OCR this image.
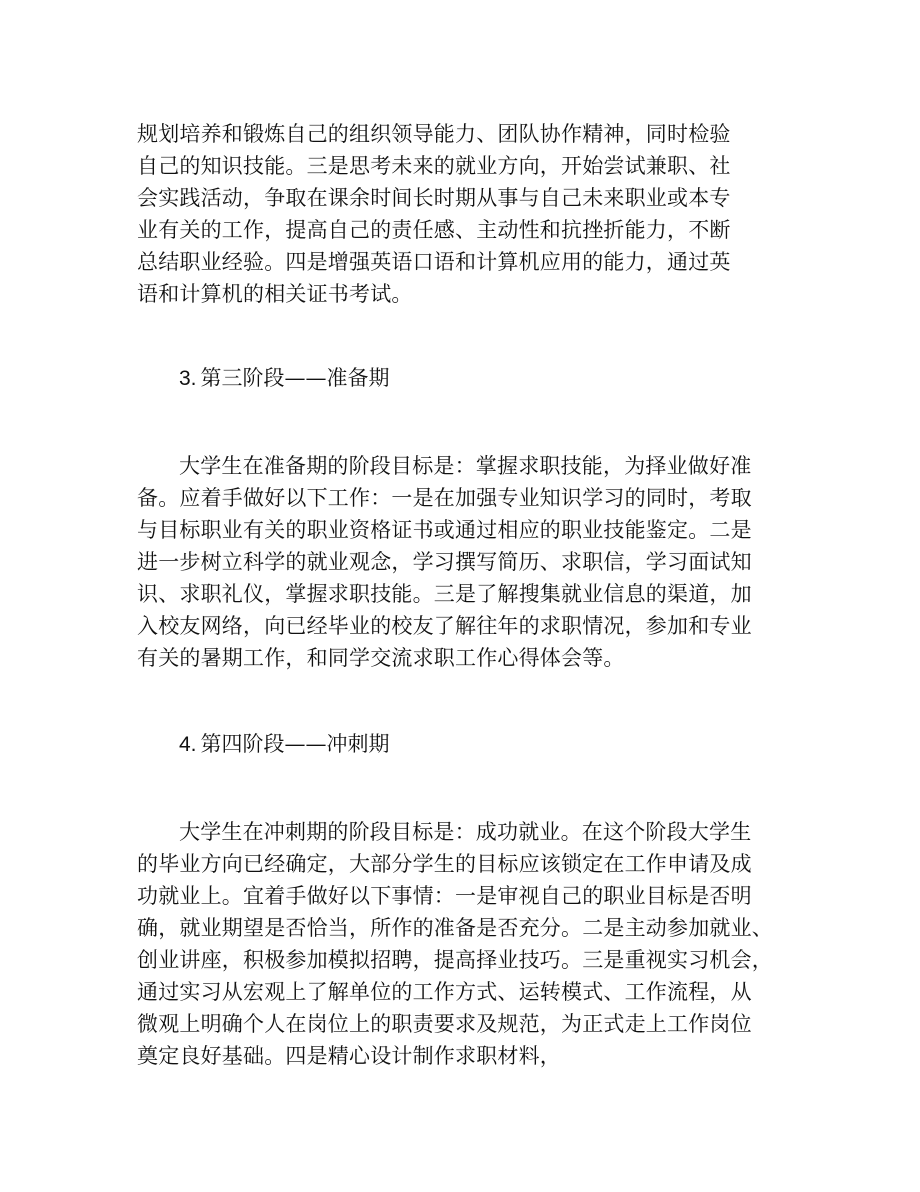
规划培养和锻炼自己的组织领导能力、团队协作精神，同时检验
自己的知识技能。三是思考未来的就业方向，开始尝试兼职、社
会实践活动，争取在课余时间长时期从事与自己未来职业或本专
业有关的工作，提高自己的责任感、主动性和抗挫折能力，不断
总结职业经验。四是增强英语口语和计算机应用的能力，通过英
语和计算机的相关证书考试。
3. 第三阶段——准备期
大学生在准备期的阶段目标是：掌握求职技能，为择业做好准
备。应着手做好以下工作：一是在加强专业知识学习的同时，考取
与目标职业有关的职业资格证书或通过相应的职业技能鉴定。二是
进一步树立科学的就业观念，学习撰写简历、求职信，学习面试知
识、求职礼仪，掌握求职技能。三是了解搜集就业信息的渠道，加
入校友网络，向已经毕业的校友了解往年的求职情况，参加和专业
有关的暑期工作，和同学交流求职工作心得体会等。
4. 第四阶段——冲刺期
大学生在冲刺期的阶段目标是：成功就业。在这个阶段大学生
的毕业方向已经确定，大部分学生的目标应该锁定在工作申请及成
功就业上。宜着手做好以下事情：一是审视自己的职业目标是否明
确，就业期望是否恰当，所作的准备是否充分。二是主动参加就业、
创业讲座，积极参加模拟招聘，提高择业技巧。三是重视实习机会，
通过实习从宏观上了解单位的工作方式、运转模式、工作流程，从
微观上明确个人在岗位上的职责要求及规范，为正式走上工作岗位
奠定良好基础。四是精心设计制作求职材料，
